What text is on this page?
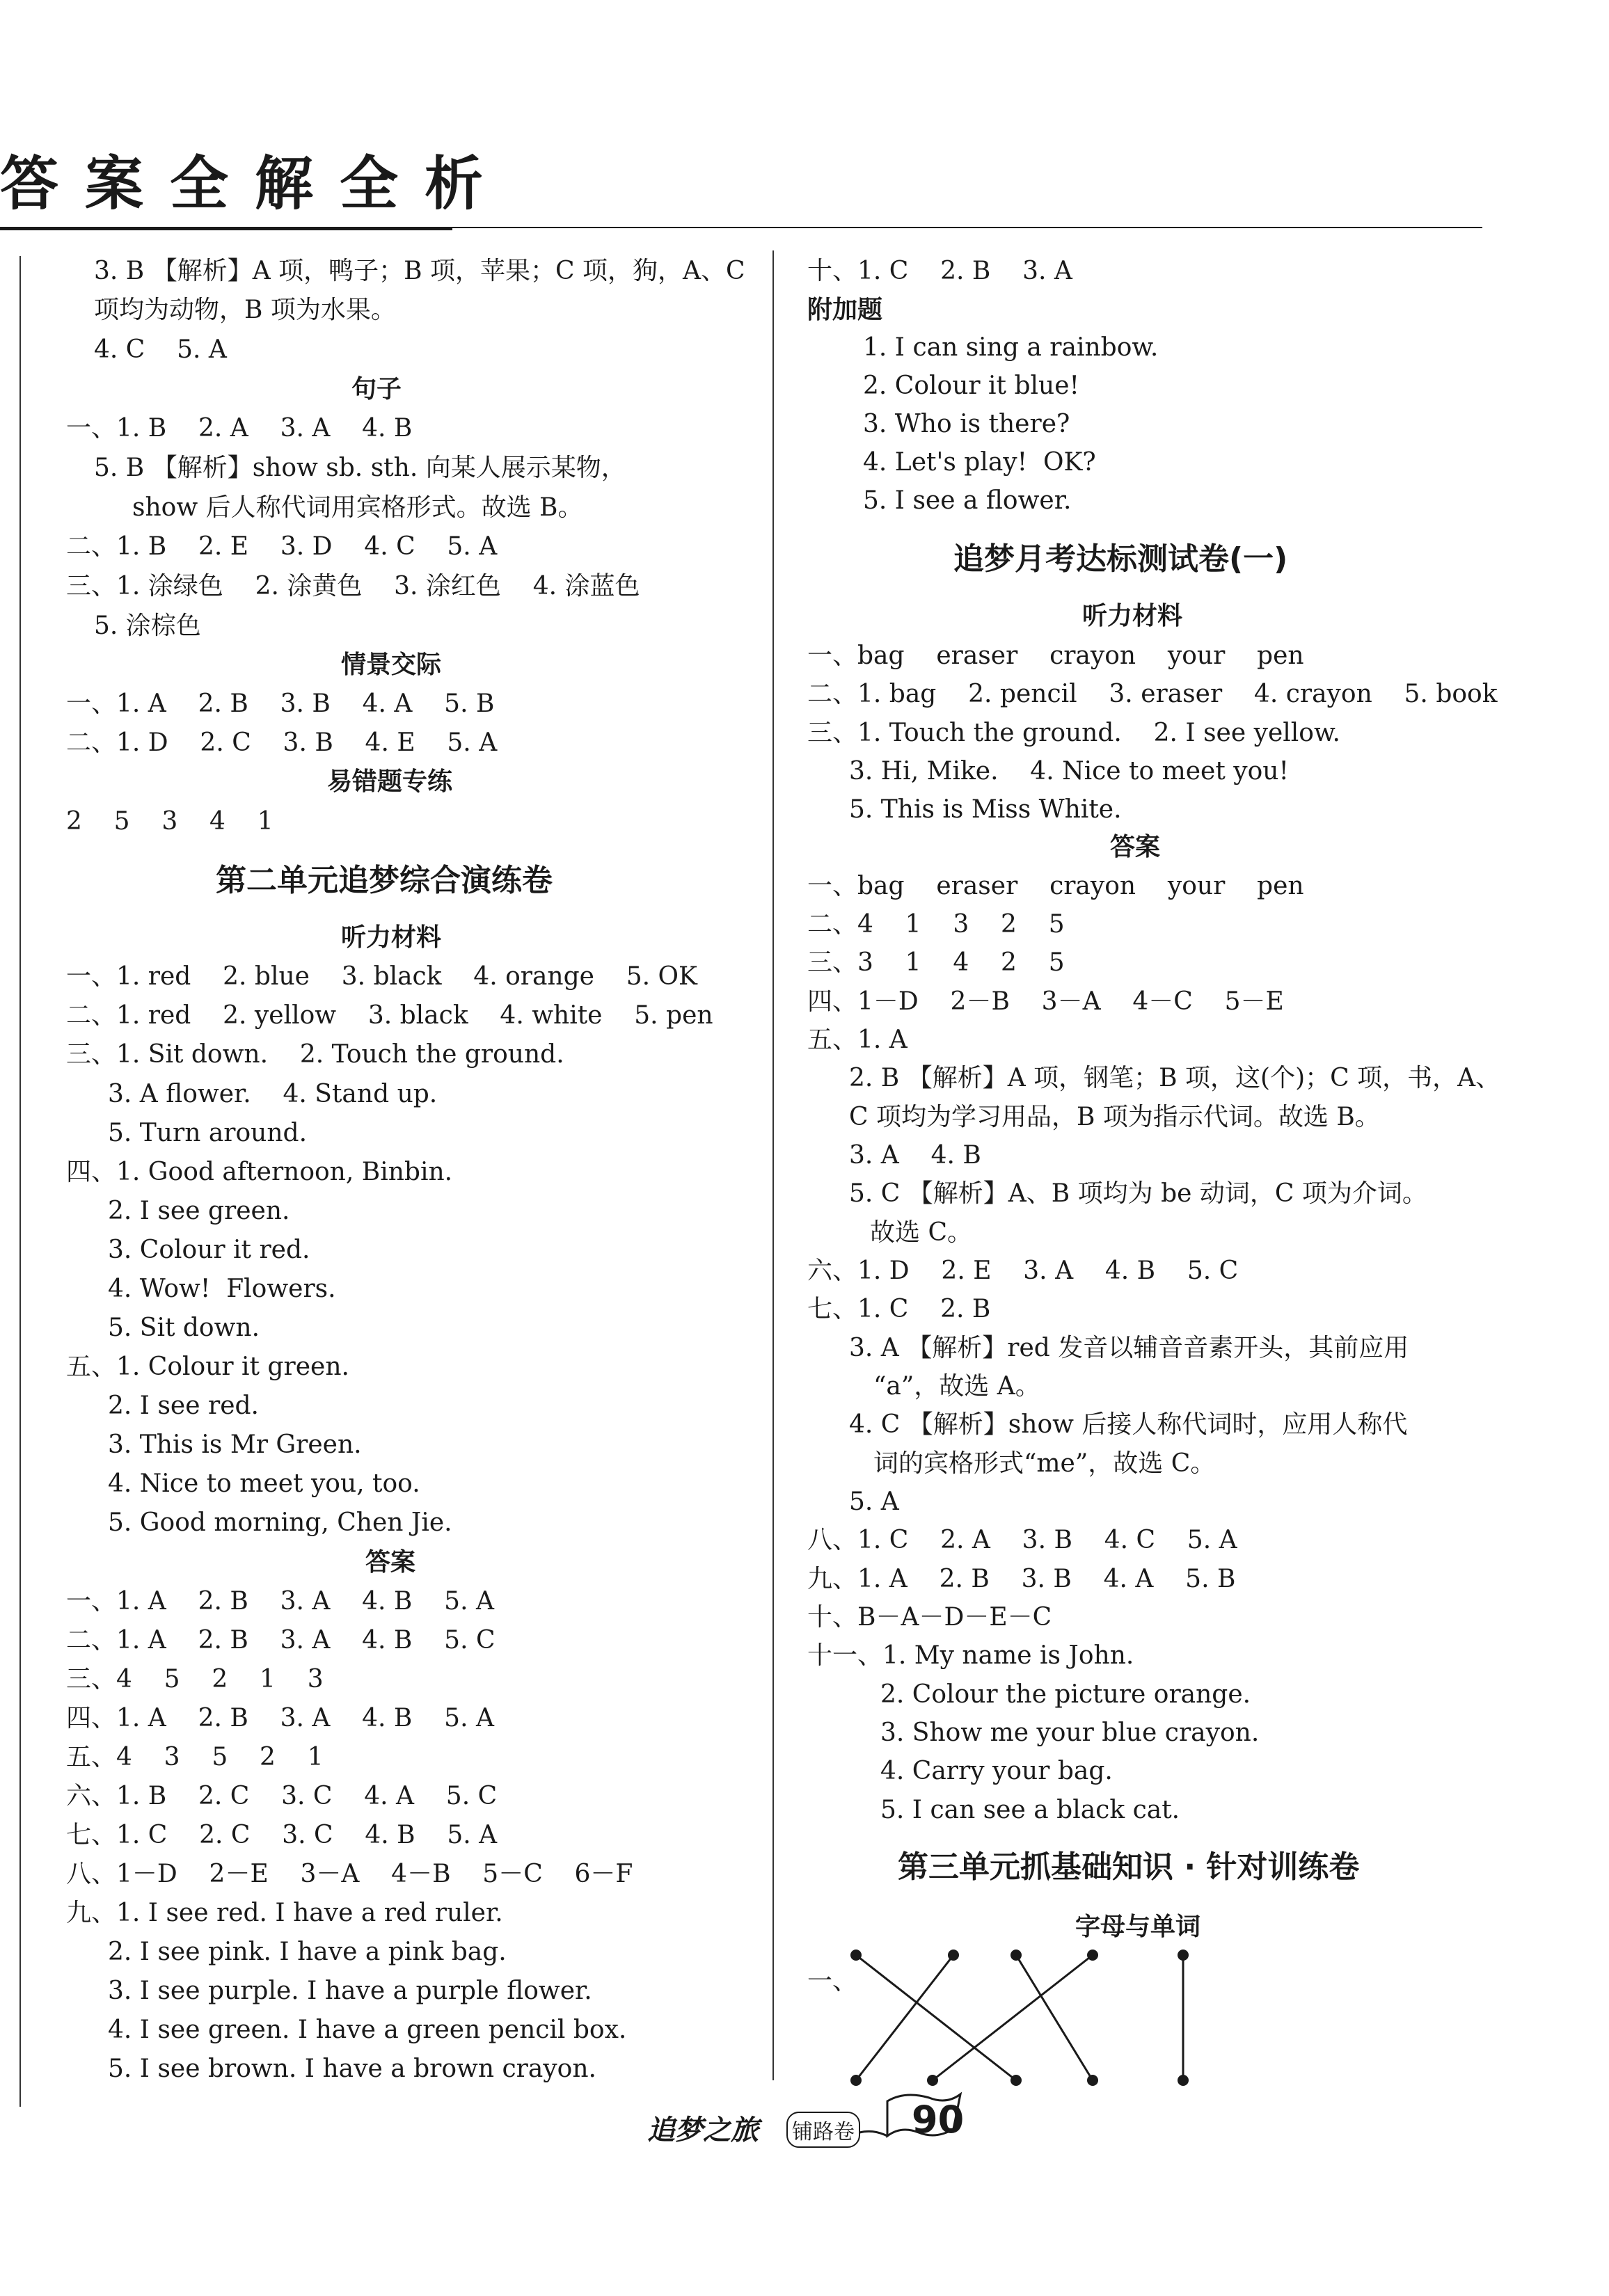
答案全解全析
3. B 【解析】A 项，鸭子；B 项，苹果；C 项，狗，A、C
项均为动物，B 项为水果。
4. C    5. A
句子
一、1. B    2. A    3. A    4. B
5. B 【解析】show sb. sth. 向某人展示某物，
show 后人称代词用宾格形式。故选 B。
二、1. B    2. E    3. D    4. C    5. A
三、1. 涂绿色    2. 涂黄色    3. 涂红色    4. 涂蓝色
5. 涂棕色
情景交际
一、1. A    2. B    3. B    4. A    5. B
二、1. D    2. C    3. B    4. E    5. A
易错题专练
2    5    3    4    1
第二单元追梦综合演练卷
听力材料
一、1. red    2. blue    3. black    4. orange    5. OK
二、1. red    2. yellow    3. black    4. white    5. pen
三、1. Sit down.    2. Touch the ground.
3. A flower.    4. Stand up.
5. Turn around.
四、1. Good afternoon, Binbin.
2. I see green.
3. Colour it red.
4. Wow!  Flowers.
5. Sit down.
五、1. Colour it green.
2. I see red.
3. This is Mr Green.
4. Nice to meet you, too.
5. Good morning, Chen Jie.
答案
一、1. A    2. B    3. A    4. B    5. A
二、1. A    2. B    3. A    4. B    5. C
三、4    5    2    1    3
四、1. A    2. B    3. A    4. B    5. A
五、4    3    5    2    1
六、1. B    2. C    3. C    4. A    5. C
七、1. C    2. C    3. C    4. B    5. A
八、1－D    2－E    3－A    4－B    5－C    6－F
九、1. I see red. I have a red ruler.
2. I see pink. I have a pink bag.
3. I see purple. I have a purple flower.
4. I see green. I have a green pencil box.
5. I see brown. I have a brown crayon.
十、1. C    2. B    3. A
附加题
1. I can sing a rainbow.
2. Colour it blue!
3. Who is there?
4. Let's play!  OK?
5. I see a flower.
追梦月考达标测试卷(一)
听力材料
一、bag    eraser    crayon    your    pen
二、1. bag    2. pencil    3. eraser    4. crayon    5. book
三、1. Touch the ground.    2. I see yellow.
3. Hi, Mike.    4. Nice to meet you!
5. This is Miss White.
答案
一、bag    eraser    crayon    your    pen
二、4    1    3    2    5
三、3    1    4    2    5
四、1－D    2－B    3－A    4－C    5－E
五、1. A
2. B 【解析】A 项，钢笔；B 项，这(个)；C 项，书，A、
C 项均为学习用品，B 项为指示代词。故选 B。
3. A    4. B
5. C 【解析】A、B 项均为 be 动词，C 项为介词。
故选 C。
六、1. D    2. E    3. A    4. B    5. C
七、1. C    2. B
3. A 【解析】red 发音以辅音音素开头，其前应用
“a”，故选 A。
4. C 【解析】show 后接人称代词时，应用人称代
词的宾格形式“me”，故选 C。
5. A
八、1. C    2. A    3. B    4. C    5. A
九、1. A    2. B    3. B    4. A    5. B
十、B－A－D－E－C
十一、1. My name is John.
2. Colour the picture orange.
3. Show me your blue crayon.
4. Carry your bag.
5. I can see a black cat.
第三单元抓基础知识 · 针对训练卷
字母与单词
一、
追梦之旅 铺路卷 90
